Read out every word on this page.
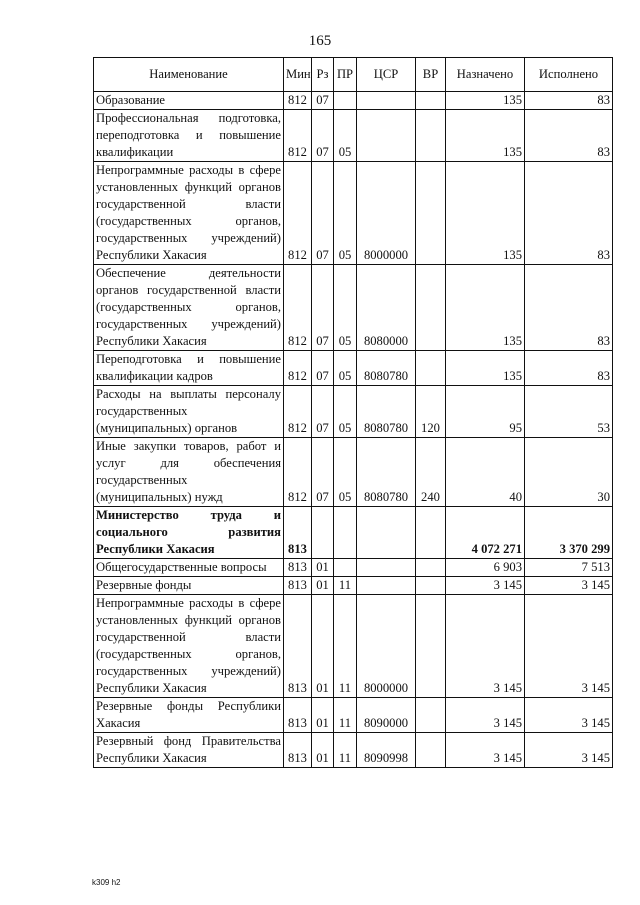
165
Наименование	Мин	Рз	ПР	ЦСР	ВР	Назначено	Исполнено
Образование	812	07				135	83
Профессиональная подготовка, переподготовка и повышение квалификации	812	07	05			135	83
Непрограммные расходы в сфере установленных функций органов государственной власти (государственных органов, государственных учреждений) Республики Хакасия	812	07	05	8000000		135	83
Обеспечение деятельности органов государственной власти (государственных органов, государственных учреждений) Республики Хакасия	812	07	05	8080000		135	83
Переподготовка и повышение квалификации кадров	812	07	05	8080780		135	83
Расходы на выплаты персоналу государственных (муниципальных) органов	812	07	05	8080780	120	95	53
Иные закупки товаров, работ и услуг для обеспечения государственных (муниципальных) нужд	812	07	05	8080780	240	40	30
Министерство труда и социального развития Республики Хакасия	813					4 072 271	3 370 299
Общегосударственные вопросы	813	01				6 903	7 513
Резервные фонды	813	01	11			3 145	3 145
Непрограммные расходы в сфере установленных функций органов государственной власти (государственных органов, государственных учреждений) Республики Хакасия	813	01	11	8000000		3 145	3 145
Резервные фонды Республики Хакасия	813	01	11	8090000		3 145	3 145
Резервный фонд Правительства Республики Хакасия	813	01	11	8090998		3 145	3 145
k309 h2
